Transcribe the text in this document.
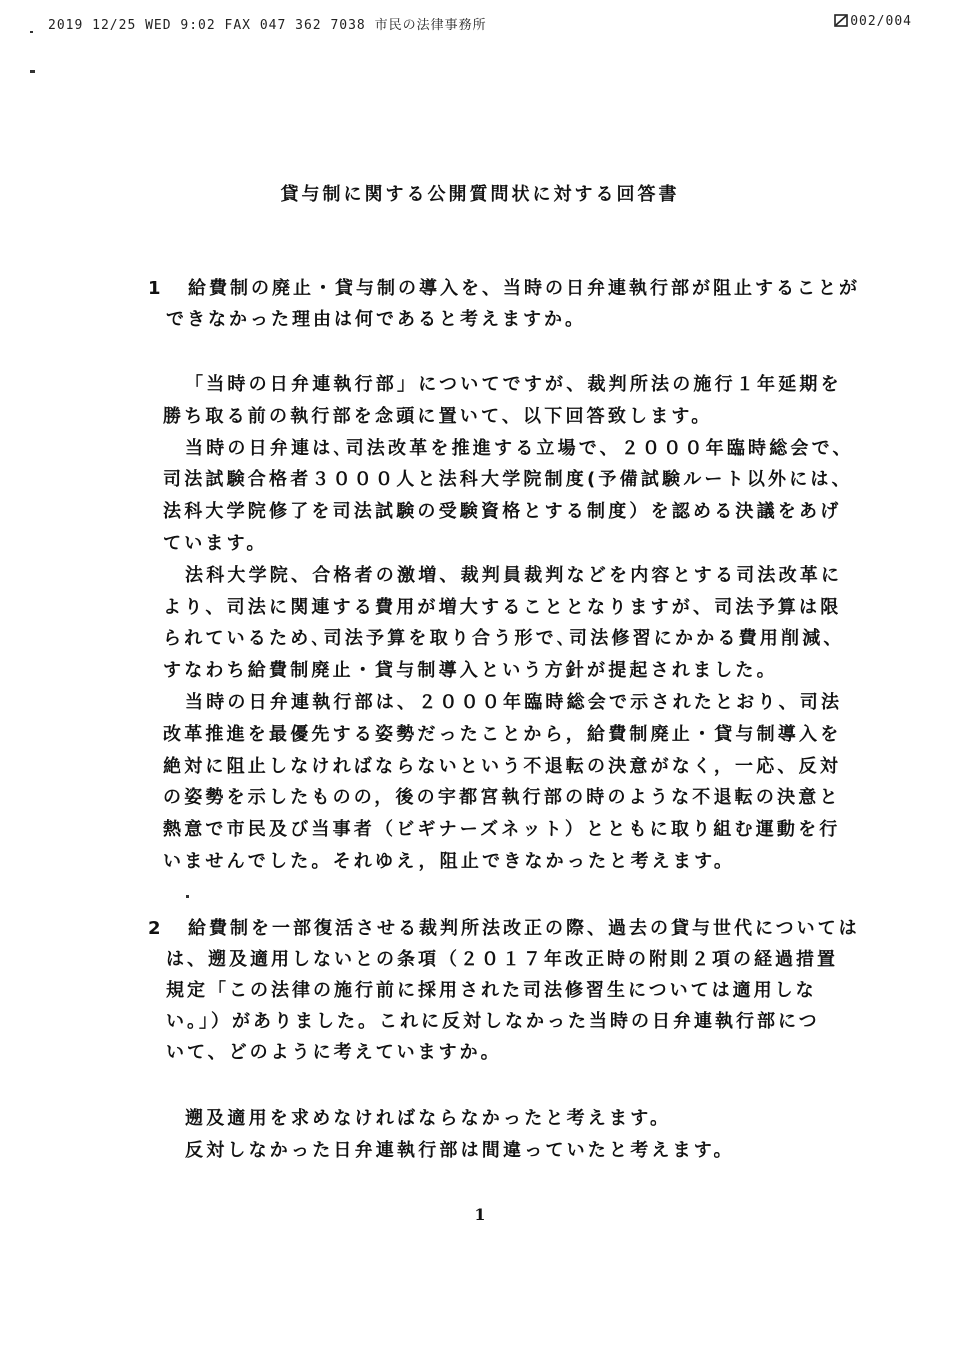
2019 12/25 WED 9:02 FAX 047 362 7038 市民の法律事務所	002/004
貸与制に関する公開質問状に対する回答書
1	給費制の廃止・貸与制の導入を、当時の日弁連執行部が阻止することが
できなかった理由は何であると考えますか。
「当時の日弁連執行部」についてですが、裁判所法の施行１年延期を
勝ち取る前の執行部を念頭に置いて、以下回答致します。
当時の日弁連は､司法改革を推進する立場で、２０００年臨時総会で、
司法試験合格者３０００人と法科大学院制度(予備試験ルート以外には、
法科大学院修了を司法試験の受験資格とする制度）を認める決議をあげ
ています。
法科大学院、合格者の激増、裁判員裁判などを内容とする司法改革に
より、司法に関連する費用が増大することとなりますが、司法予算は限
られているため､司法予算を取り合う形で､司法修習にかかる費用削減、
すなわち給費制廃止・貸与制導入という方針が提起されました。
当時の日弁連執行部は、２０００年臨時総会で示されたとおり、司法
改革推進を最優先する姿勢だったことから，給費制廃止・貸与制導入を
絶対に阻止しなければならないという不退転の決意がなく，一応、反対
の姿勢を示したものの，後の宇都宮執行部の時のような不退転の決意と
熱意で市民及び当事者（ビギナーズネット）とともに取り組む運動を行
いませんでした。それゆえ，阻止できなかったと考えます。
2	給費制を一部復活させる裁判所法改正の際、過去の貸与世代については
は、遡及適用しないとの条項（２０１７年改正時の附則２項の経過措置
規定「この法律の施行前に採用された司法修習生については適用しな
い。」）がありました。これに反対しなかった当時の日弁連執行部につ
いて、どのように考えていますか。
遡及適用を求めなければならなかったと考えます。
反対しなかった日弁連執行部は間違っていたと考えます。
1
